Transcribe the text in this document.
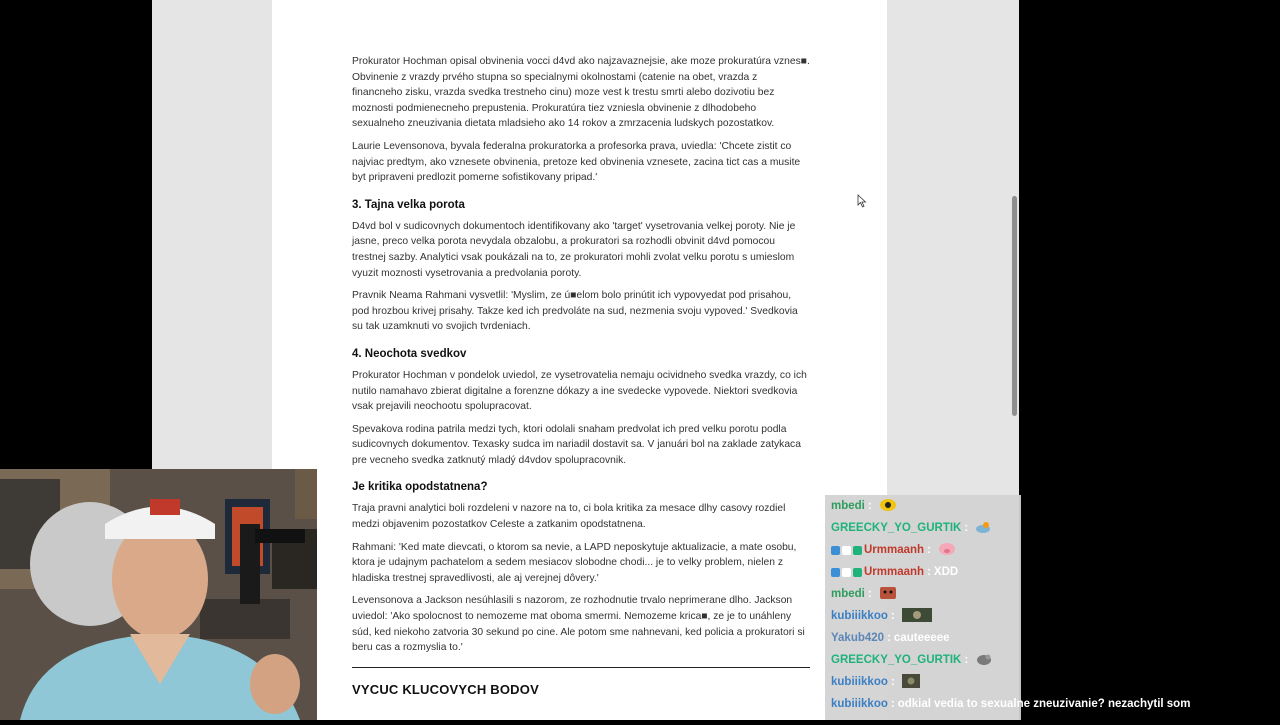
Prokurator Hochman opisal obvinenia vocci d4vd ako najzavaznejsie, ake moze prokuratúra vznes■. Obvinenie z vrazdy prvého stupna so specialnymi okolnostami (catenie na obet, vrazda z financneho zisku, vrazda svedka trestneho cinu) moze vest k trestu smrti alebo dozivotiu bez moznosti podmienecneho prepustenia. Prokuratúra tiez vzniesla obvinenie z dlhodobeho sexualneho zneuzivania dietata mladsieho ako 14 rokov a zmrzacenia ludskych pozostatkov.

Laurie Levensonova, byvala federalna prokuratorka a profesorka prava, uviedla: 'Chcete zistit co najviac predtym, ako vznesete obvinenia, pretoze ked obvinenia vznesete, zacina tict cas a musite byt pripraveni predlozit pomerne sofistikovany pripad.'

3. Tajna velka porota

D4vd bol v sudicovnych dokumentoch identifikovany ako 'target' vysetrovania velkej poroty. Nie je jasne, preco velka porota nevydala obzalobu, a prokuratori sa rozhodli obvinit d4vd pomocou trestnej sazby. Analytici vsak poukázali na to, ze prokuratori mohli zvolat velku porotu s umieslom vyuzit moznosti vysetrovania a predvolania poroty.

Pravnik Neama Rahmani vysvetlil: 'Myslim, ze ú■elom bolo prinútit ich vypovyedat pod prisahou, pod hrozbou krivej prisahy. Takze ked ich predvoláte na sud, nezmenia svoju vypoved.' Svedkovia su tak uzamknuti vo svojich tvrdeniach.

4. Neochota svedkov

Prokurator Hochman v pondelok uviedol, ze vysetrovatelia nemaju ocividneho svedka vrazdy, co ich nutilo namahavo zbierat digitalne a forenzne dókazy a ine svedecke vypovede. Niektori svedkovia vsak prejavili neochootu spolupracovat.

Spevakova rodina patrila medzi tych, ktori odolali snaham predvolat ich pred velku porotu podla sudicovnych dokumentov. Texasky sudca im nariadil dostavit sa. V januári bol na zaklade zatykaca pre vecneho svedka zatknutý mladý d4vdov spolupracovnik.

Je kritika opodstatnena?

Traja pravni analytici boli rozdeleni v nazore na to, ci bola kritika za mesace dlhy casovy rozdiel medzi objavenim pozostatkov Celeste a zatkanim opodstatnena.

Rahmani: 'Ked mate dievcati, o ktorom sa nevie, a LAPD neposkytuje aktualizacie, a mate osobu, ktora je udajnym pachatelom a sedem mesiacov slobodne chodi... je to velky problem, nielen z hladiska trestnej spravedlivosti, ale aj verejnej dôvery.'

Levensonova a Jackson nesúhlasili s nazorom, ze rozhodnutie trvalo neprimerane dlho. Jackson uviedol: 'Ako spolocnost to nemozeme mat oboma smermi. Nemozeme krica■, ze je to unáhleny súd, ked niekoho zatvoria 30 sekund po cine. Ale potom sme nahnevani, ked policia a prokuratori si beru cas a rozmyslia to.'

VYCUC KLUCOVYCH BODOV
mbedi :
GREECKY_YO_GURTIK :
Urmmaanh :
Urmmaanh : XDD
mbedi :
kubiiikkoo :
Yakub420 : cauteeeee
GREECKY_YO_GURTIK :
kubiiikkoo :
kubiiikkoo : odkial vedia to sexualne zneuzivanie? nezachytil som
